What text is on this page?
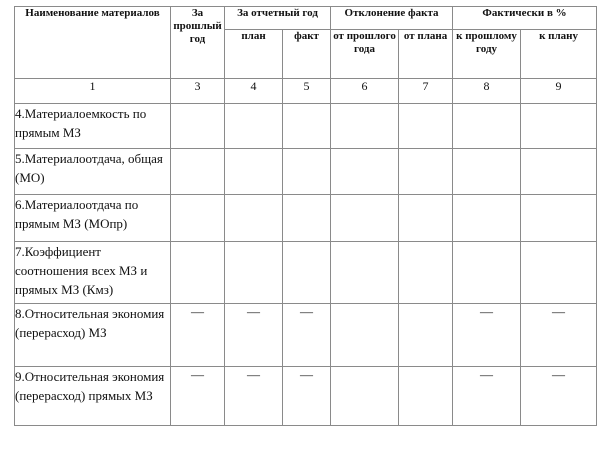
Наименование материалов	За прошлый год	За отчетный год		Отклонение факта		Фактически в %	
		план	факт	от прошлого года	от плана	к прошлому году	к плану
1	3	4	5	6	7	8	9
4.Материалоемкость по прямым МЗ							
5.Материалоотдача, общая (МО)							
6.Материалоотдача по прямым МЗ (МОпр)							
7.Коэффициент соотношения всех МЗ и прямых МЗ (Кмз)							
8.Относительная экономия (перерасход) МЗ	—	—	—			—	—
9.Относительная экономия (перерасход) прямых МЗ	—	—	—			—	—
